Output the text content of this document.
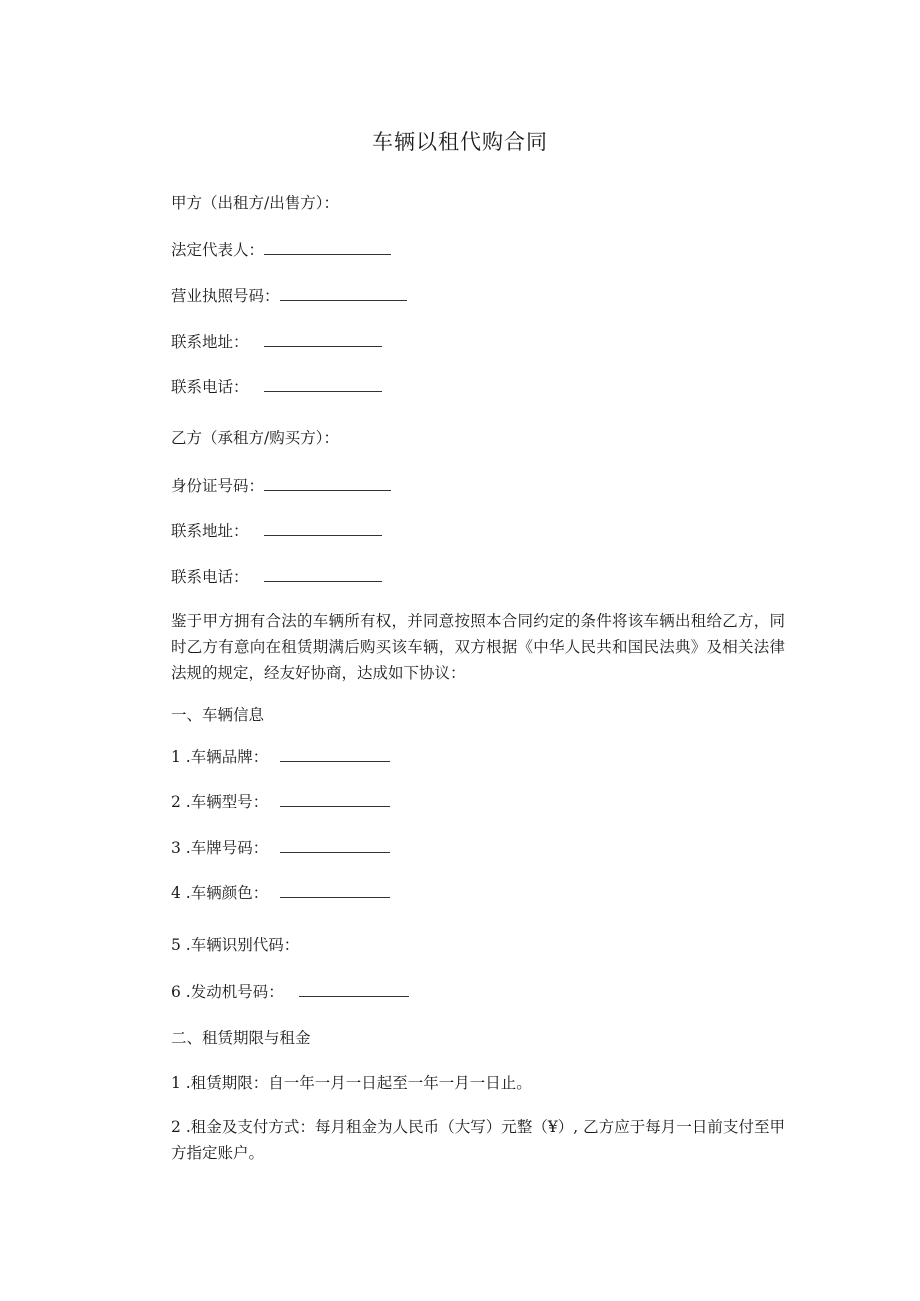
车辆以租代购合同
甲方（出租方/出售方）：
法定代表人：
营业执照号码：
联系地址：
联系电话：
乙方（承租方/购买方）：
身份证号码：
联系地址：
联系电话：
鉴于甲方拥有合法的车辆所有权，并同意按照本合同约定的条件将该车辆出租给乙方，同时乙方有意向在租赁期满后购买该车辆，双方根据《中华人民共和国民法典》及相关法律法规的规定，经友好协商，达成如下协议：
一、车辆信息
1 .车辆品牌：
2 .车辆型号：
3 .车牌号码：
4 .车辆颜色：
5 .车辆识别代码：
6 .发动机号码：
二、租赁期限与租金
1 .租赁期限：自一年一月一日起至一年一月一日止。
2 .租金及支付方式：每月租金为人民币（大写）元整（¥）, 乙方应于每月一日前支付至甲方指定账户。
